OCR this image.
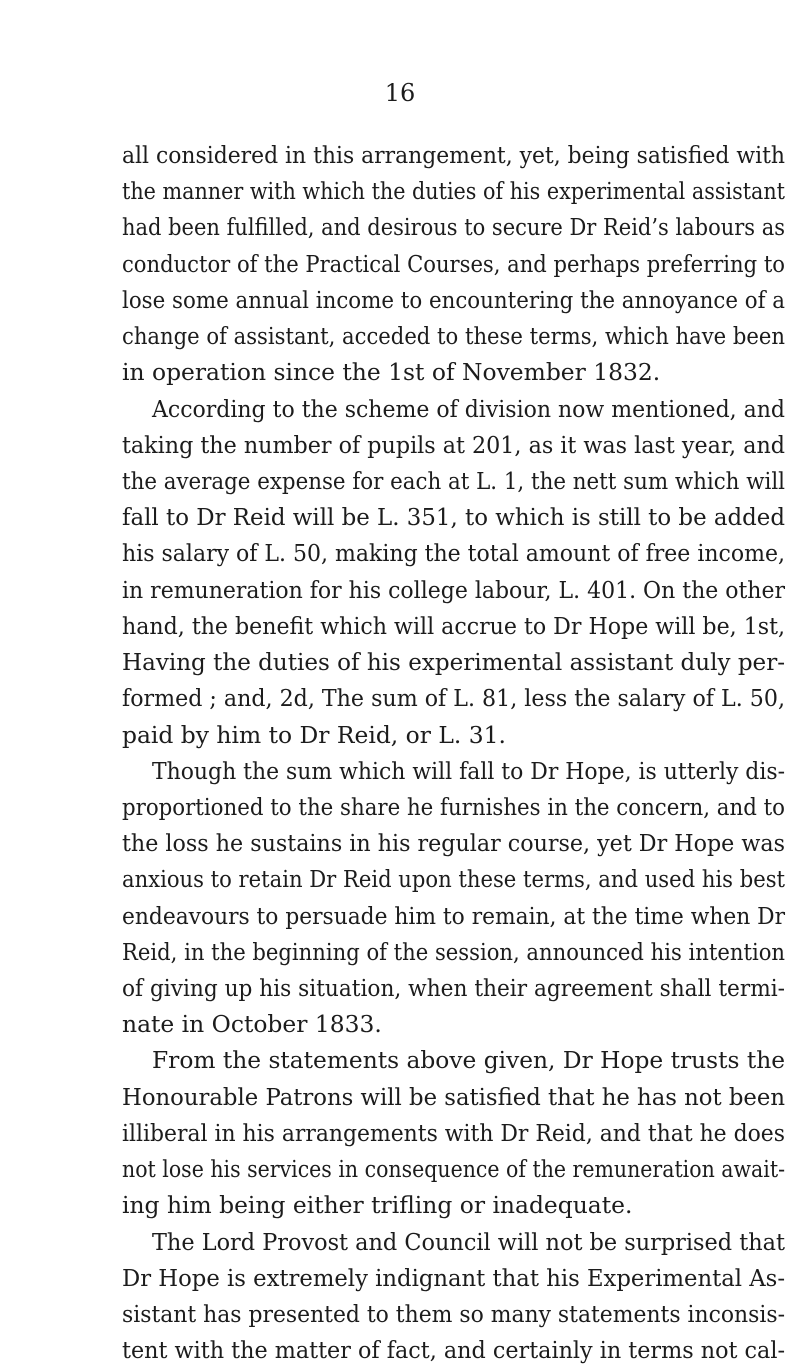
16
all considered in this arrangement, yet, being satisfied with
the manner with which the duties of his experimental assistant
had been fulfilled, and desirous to secure Dr Reid’s labours as
conductor of the Practical Courses, and perhaps preferring to
lose some annual income to encountering the annoyance of a
change of assistant, acceded to these terms, which have been
in operation since the 1st of November 1832.
According to the scheme of division now mentioned, and
taking the number of pupils at 201, as it was last year, and
the average expense for each at L. 1, the nett sum which will
fall to Dr Reid will be L. 351, to which is still to be added
his salary of L. 50, making the total amount of free income,
in remuneration for his college labour, L. 401. On the other
hand, the benefit which will accrue to Dr Hope will be, 1st,
Having the duties of his experimental assistant duly per-
formed ; and, 2d, The sum of L. 81, less the salary of L. 50,
paid by him to Dr Reid, or L. 31.
Though the sum which will fall to Dr Hope, is utterly dis-
proportioned to the share he furnishes in the concern, and to
the loss he sustains in his regular course, yet Dr Hope was
anxious to retain Dr Reid upon these terms, and used his best
endeavours to persuade him to remain, at the time when Dr
Reid, in the beginning of the session, announced his intention
of giving up his situation, when their agreement shall termi-
nate in October 1833.
From the statements above given, Dr Hope trusts the
Honourable Patrons will be satisfied that he has not been
illiberal in his arrangements with Dr Reid, and that he does
not lose his services in consequence of the remuneration await-
ing him being either trifling or inadequate.
The Lord Provost and Council will not be surprised that
Dr Hope is extremely indignant that his Experimental As-
sistant has presented to them so many statements inconsis-
tent with the matter of fact, and certainly in terms not cal-
